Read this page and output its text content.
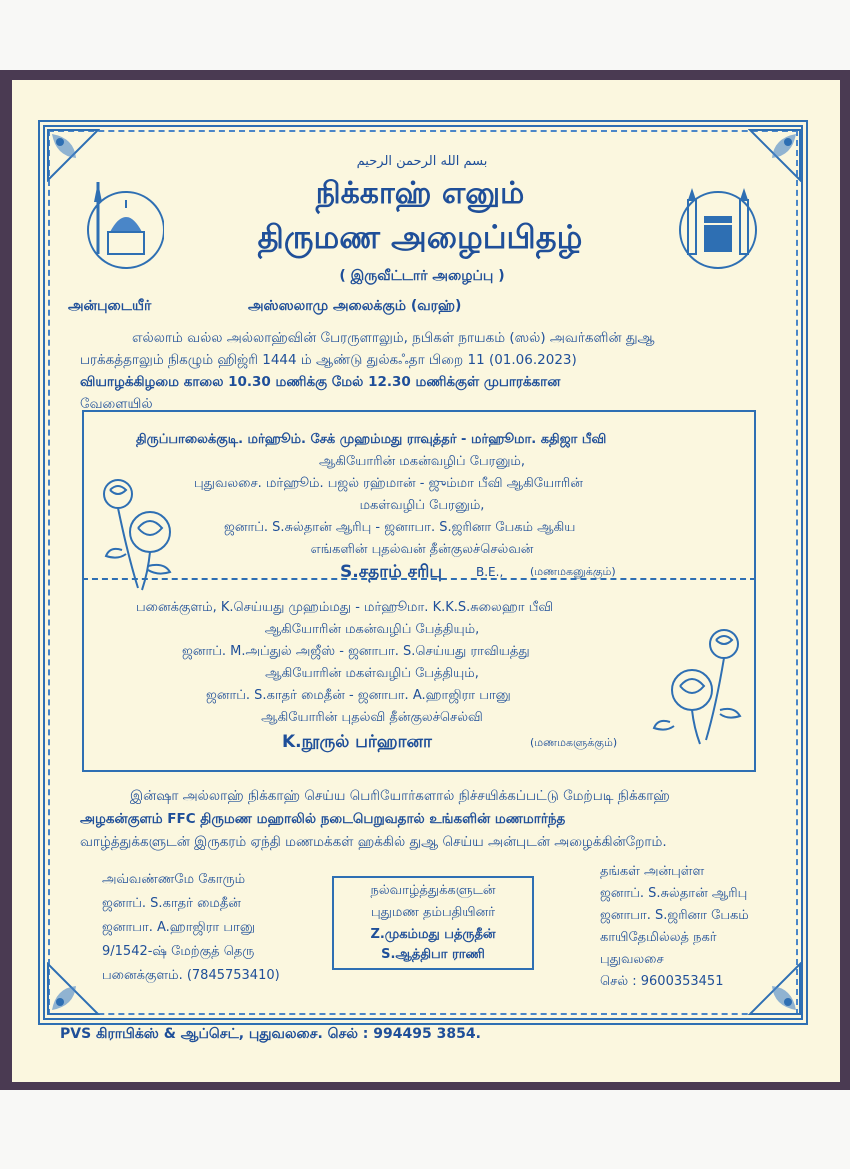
بسم الله الرحمن الرحيم
நிக்காஹ் எனும்
திருமண அழைப்பிதழ்
( இருவீட்டார் அழைப்பு )
அன்புடையீர்	அஸ்ஸலாமு அலைக்கும் (வரஹ்)
எல்லாம் வல்ல அல்லாஹ்வின் பேரருளாலும், நபிகள் நாயகம் (ஸல்) அவர்களின் துஆ
பரக்கத்தாலும் நிகழும் ஹிஜ்ரி 1444 ம் ஆண்டு துல்கஃதா பிறை 11 (01.06.2023)
வியாழக்கிழமை காலை 10.30 மணிக்கு மேல் 12.30 மணிக்குள் முபாரக்கான
வேளையில்
திருப்பாலைக்குடி. மர்ஹூம். சேக் முஹம்மது ராவுத்தர் - மர்ஹூமா. கதிஜா பீவி
ஆகியோரின் மகன்வழிப் பேரனும்,
புதுவலசை. மர்ஹூம். பஜல் ரஹ்மான் - ஜும்மா பீவி ஆகியோரின்
மகள்வழிப் பேரனும்,
ஜனாப். S.சுல்தான் ஆரிபு - ஜனாபா. S.ஜரினா பேகம் ஆகிய
எங்களின் புதல்வன் தீன்குலச்செல்வன்
S.சதாம் சரிபு	B.E., (மணமகனுக்கும்)
பனைக்குளம், K.செய்யது முஹம்மது - மர்ஹூமா. K.K.S.சுலைஹா பீவி
ஆகியோரின் மகன்வழிப் பேத்தியும்,
ஜனாப். M.அப்துல் அஜீஸ் - ஜனாபா. S.செய்யது ராவியத்து
ஆகியோரின் மகள்வழிப் பேத்தியும்,
ஜனாப். S.காதர் மைதீன் - ஜனாபா. A.ஹாஜிரா பானு
ஆகியோரின் புதல்வி தீன்குலச்செல்வி
K.நூருல் பர்ஹானா	(மணமகளுக்கும்)
இன்ஷா அல்லாஹ் நிக்காஹ் செய்ய பெரியோர்களால் நிச்சயிக்கப்பட்டு மேற்படி நிக்காஹ்
அழகன்குளம் FFC திருமண மஹாலில் நடைபெறுவதால் உங்களின் மணமார்ந்த
வாழ்த்துக்களுடன் இருகரம் ஏந்தி மணமக்கள் ஹக்கில் துஆ செய்ய அன்புடன் அழைக்கின்றோம்.
அவ்வண்ணமே கோரும்
ஜனாப். S.காதர் மைதீன்
ஜனாபா. A.ஹாஜிரா பானு
9/1542-ஷ் மேற்குத் தெரு
பனைக்குளம். (7845753410)
நல்வாழ்த்துக்களுடன்
புதுமண தம்பதியினர்
Z.முகம்மது பத்ருதீன்
S.ஆத்திபா ராணி
தங்கள் அன்புள்ள
ஜனாப். S.சுல்தான் ஆரிபு
ஜனாபா. S.ஜரினா பேகம்
காயிதேமில்லத் நகர்
புதுவலசை
செல் : 9600353451
PVS கிராபிக்ஸ் & ஆப்செட், புதுவலசை. செல் : 994495 3854.
